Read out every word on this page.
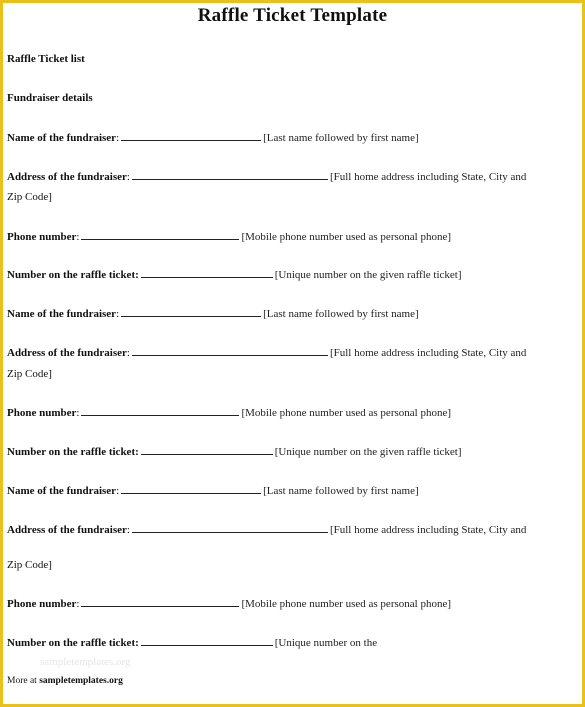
Raffle Ticket Template
Raffle Ticket list
Fundraiser details
Name of the fundraiser:	[Last name followed by first name]
Address of the fundraiser:	[Full home address including State, City and
Zip Code]
Phone number:	[Mobile phone number used as personal phone]
Number on the raffle ticket:	[Unique number on the given raffle ticket]
Name of the fundraiser:	[Last name followed by first name]
Address of the fundraiser:	[Full home address including State, City and
Zip Code]
Phone number:	[Mobile phone number used as personal phone]
Number on the raffle ticket:	[Unique number on the given raffle ticket]
Name of the fundraiser:	[Last name followed by first name]
Address of the fundraiser:	[Full home address including State, City and
Zip Code]
Phone number:	[Mobile phone number used as personal phone]
Number on the raffle ticket:	[Unique number on the
sampletemplates.org
More at sampletemplates.org
